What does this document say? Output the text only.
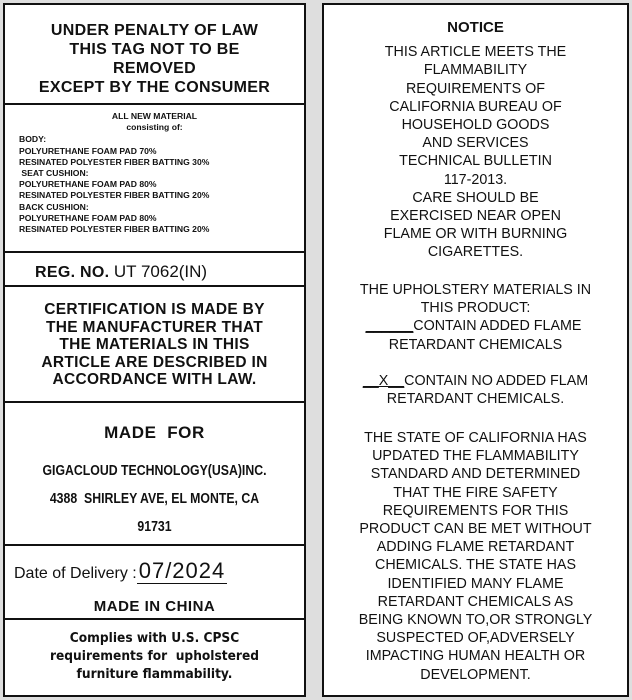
UNDER PENALTY OF LAW
THIS TAG NOT TO BE
REMOVED
EXCEPT BY THE CONSUMER
ALL NEW MATERIAL
consisting of:
BODY:
POLYURETHANE FOAM PAD 70%
RESINATED POLYESTER FIBER BATTING 30%
SEAT CUSHION:
POLYURETHANE FOAM PAD 80%
RESINATED POLYESTER FIBER BATTING 20%
BACK CUSHION:
POLYURETHANE FOAM PAD 80%
RESINATED POLYESTER FIBER BATTING 20%
REG. NO. UT 7062(IN)
CERTIFICATION IS MADE BY
THE MANUFACTURER THAT
THE MATERIALS IN THIS
ARTICLE ARE DESCRIBED IN
ACCORDANCE WITH LAW.
MADE  FOR
GIGACLOUD TECHNOLOGY(USA)INC.
4388  SHIRLEY AVE, EL MONTE, CA
91731
Date of Delivery :07/2024
MADE IN CHINA
Complies with U.S. CPSC
requirements for  upholstered
furniture flammability.
NOTICE
THIS ARTICLE MEETS THE
FLAMMABILITY
REQUIREMENTS OF
CALIFORNIA BUREAU OF
HOUSEHOLD GOODS
AND SERVICES
TECHNICAL BULLETIN
117-2013.
CARE SHOULD BE
EXERCISED NEAR OPEN
FLAME OR WITH BURNING
CIGARETTES.
THE UPHOLSTERY MATERIALS IN
THIS PRODUCT:
______CONTAIN ADDED FLAME
RETARDANT CHEMICALS
__X__CONTAIN NO ADDED FLAM
RETARDANT CHEMICALS.
THE STATE OF CALIFORNIA HAS
UPDATED THE FLAMMABILITY
STANDARD AND DETERMINED
THAT THE FIRE SAFETY
REQUIREMENTS FOR THIS
PRODUCT CAN BE MET WITHOUT
ADDING FLAME RETARDANT
CHEMICALS. THE STATE HAS
IDENTIFIED MANY FLAME
RETARDANT CHEMICALS AS
BEING KNOWN TO,OR STRONGLY
SUSPECTED OF,ADVERSELY
IMPACTING HUMAN HEALTH OR
DEVELOPMENT.
